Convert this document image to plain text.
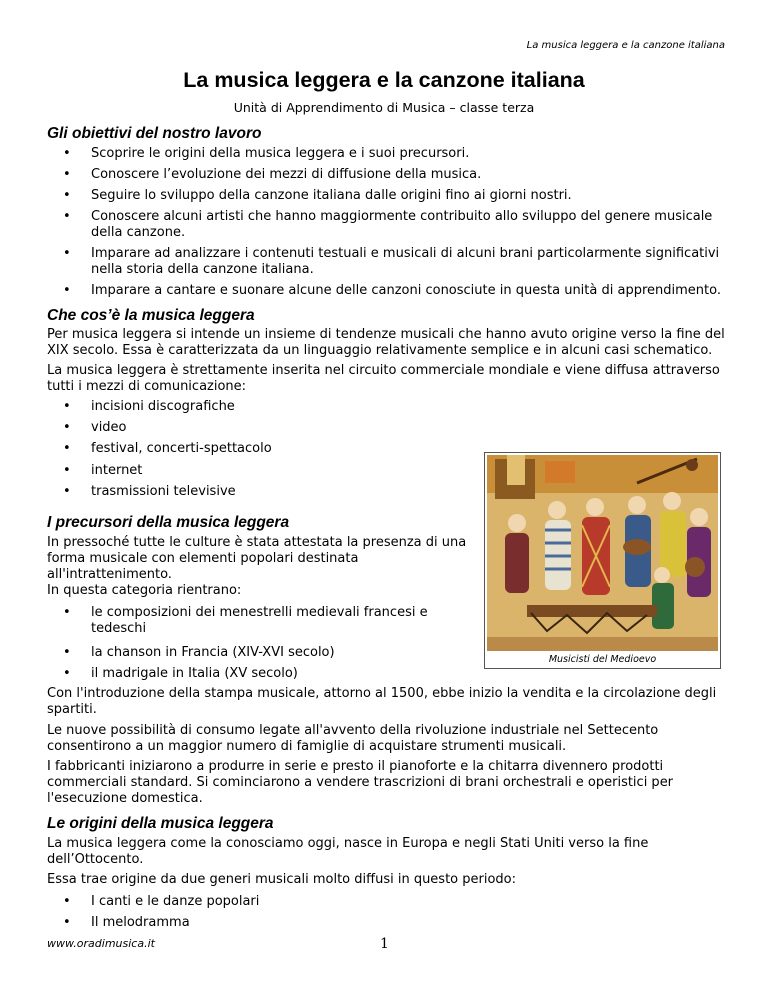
La musica leggera e la canzone italiana
La musica leggera e la canzone italiana
Unità di Apprendimento di Musica – classe terza
Gli obiettivi del nostro lavoro
• Scoprire le origini della musica leggera e i suoi precursori.
• Conoscere l’evoluzione dei mezzi di diffusione della musica.
• Seguire lo sviluppo della canzone italiana dalle origini fino ai giorni nostri.
• Conoscere alcuni artisti che hanno maggiormente contribuito allo sviluppo del genere musicale della canzone.
• Imparare ad analizzare i contenuti testuali e musicali di alcuni brani particolarmente significativi nella storia della canzone italiana.
• Imparare a cantare e suonare alcune delle canzoni conosciute in questa unità di apprendimento.
Che cos’è la musica leggera

Per musica leggera si intende un insieme di tendenze musicali che hanno avuto origine verso la fine del XIX secolo. Essa è caratterizzata da un linguaggio relativamente semplice e in alcuni casi schematico.

La musica leggera è strettamente inserita nel circuito commerciale mondiale e viene diffusa attraverso tutti i mezzi di comunicazione:

• incisioni discografiche
• video
• festival, concerti-spettacolo
• internet
• trasmissioni televisive
Musicisti del Medioevo
I precursori della musica leggera

In pressoché tutte le culture è stata attestata la presenza di una forma musicale con elementi popolari destinata all'intrattenimento.

In questa categoria rientrano:

• le composizioni dei menestrelli medievali francesi e tedeschi
• la chanson in Francia (XIV-XVI secolo)
• il madrigale in Italia (XV secolo)

Con l'introduzione della stampa musicale, attorno al 1500, ebbe inizio la vendita e la circolazione degli spartiti.

Le nuove possibilità di consumo legate all'avvento della rivoluzione industriale nel Settecento consentirono a un maggior numero di famiglie di acquistare strumenti musicali.

I fabbricanti iniziarono a produrre in serie e presto il pianoforte e la chitarra divennero prodotti commerciali standard. Si cominciarono a vendere trascrizioni di brani orchestrali e operistici per l'esecuzione domestica.

Le origini della musica leggera

La musica leggera come la conosciamo oggi, nasce in Europa e negli Stati Uniti verso la fine dell’Ottocento.

Essa trae origine da due generi musicali molto diffusi in questo periodo:

• I canti e le danze popolari
• Il melodramma
www.oradimusica.it	1
